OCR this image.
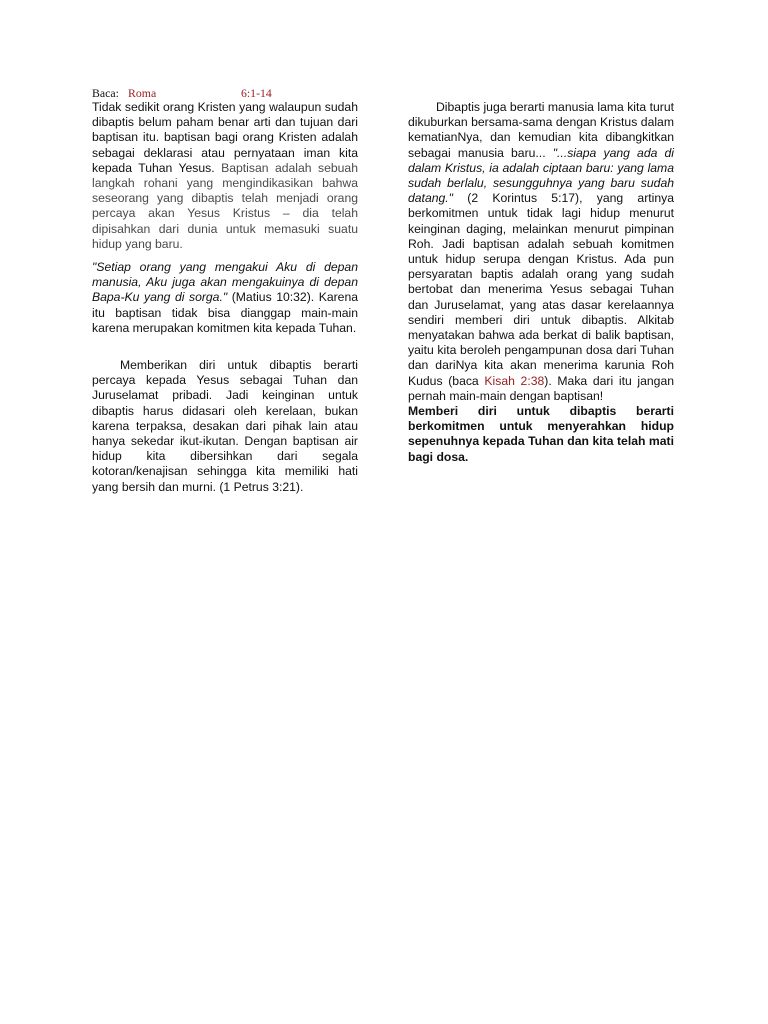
Baca: Roma	6:1-14

Tidak sedikit orang Kristen yang walaupun sudah dibaptis belum paham benar arti dan tujuan dari baptisan itu. baptisan bagi orang Kristen adalah sebagai deklarasi atau pernyataan iman kita kepada Tuhan Yesus. Baptisan adalah sebuah langkah rohani yang mengindikasikan bahwa seseorang yang dibaptis telah menjadi orang percaya akan Yesus Kristus – dia telah dipisahkan dari dunia untuk memasuki suatu hidup yang baru.

"Setiap orang yang mengakui Aku di depan manusia, Aku juga akan mengakuinya di depan Bapa-Ku yang di sorga." (Matius 10:32). Karena itu baptisan tidak bisa dianggap main-main karena merupakan komitmen kita kepada Tuhan.

Memberikan diri untuk dibaptis berarti percaya kepada Yesus sebagai Tuhan dan Juruselamat pribadi. Jadi keinginan untuk dibaptis harus didasari oleh kerelaan, bukan karena terpaksa, desakan dari pihak lain atau hanya sekedar ikut-ikutan. Dengan baptisan air hidup kita dibersihkan dari segala kotoran/kenajisan sehingga kita memiliki hati yang bersih dan murni. (1 Petrus 3:21).

Dibaptis juga berarti manusia lama kita turut dikuburkan bersama-sama dengan Kristus dalam kematianNya, dan kemudian kita dibangkitkan sebagai manusia baru... "...siapa yang ada di dalam Kristus, ia adalah ciptaan baru: yang lama sudah berlalu, sesungguhnya yang baru sudah datang." (2 Korintus 5:17), yang artinya berkomitmen untuk tidak lagi hidup menurut keinginan daging, melainkan menurut pimpinan Roh. Jadi baptisan adalah sebuah komitmen untuk hidup serupa dengan Kristus. Ada pun persyaratan baptis adalah orang yang sudah bertobat dan menerima Yesus sebagai Tuhan dan Juruselamat, yang atas dasar kerelaannya sendiri memberi diri untuk dibaptis. Alkitab menyatakan bahwa ada berkat di balik baptisan, yaitu kita beroleh pengampunan dosa dari Tuhan dan dariNya kita akan menerima karunia Roh Kudus (baca Kisah 2:38). Maka dari itu jangan pernah main-main dengan baptisan!

Memberi diri untuk dibaptis berarti berkomitmen untuk menyerahkan hidup sepenuhnya kepada Tuhan dan kita telah mati bagi dosa.
